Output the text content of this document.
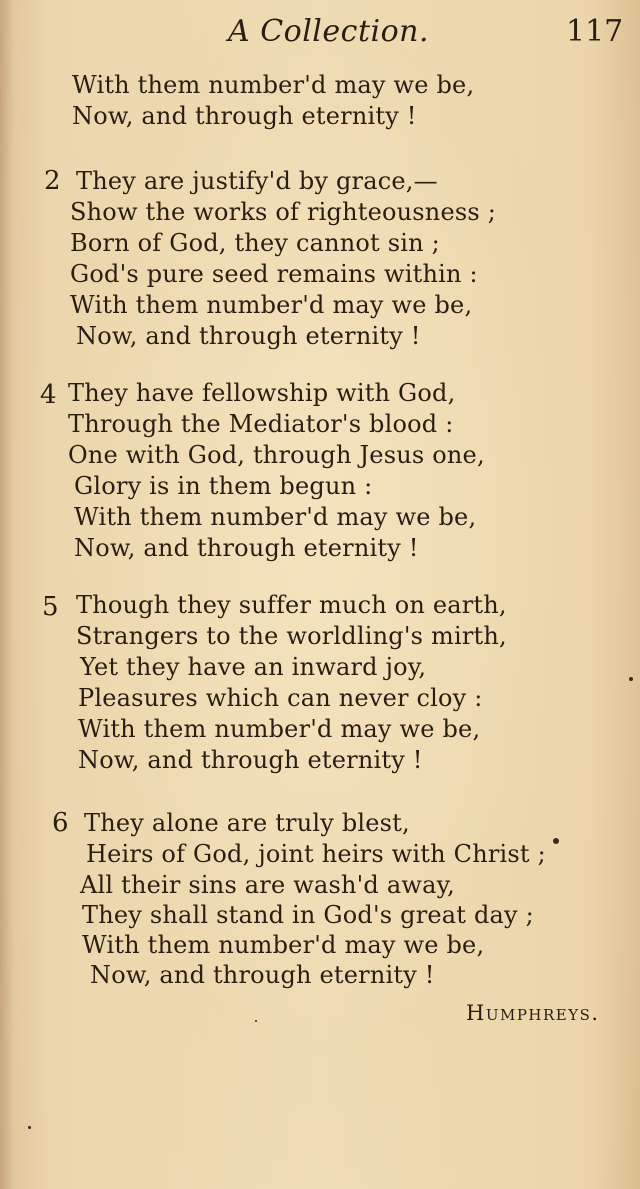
A Collection.	117
With them number'd may we be,
Now, and through eternity !
2 They are justify'd by grace,—
Show the works of righteousness ;
Born of God, they cannot sin ;
God's pure seed remains within :
With them number'd may we be,
Now, and through eternity !
4 They have fellowship with God,
Through the Mediator's blood :
One with God, through Jesus one,
Glory is in them begun :
With them number'd may we be,
Now, and through eternity !
5 Though they suffer much on earth,
Strangers to the worldling's mirth,
Yet they have an inward joy,
Pleasures which can never cloy :
With them number'd may we be,
Now, and through eternity !
6 They alone are truly blest,
Heirs of God, joint heirs with Christ ;
All their sins are wash'd away,
They shall stand in God's great day ;
With them number'd may we be,
Now, and through eternity !
Humphreys.
